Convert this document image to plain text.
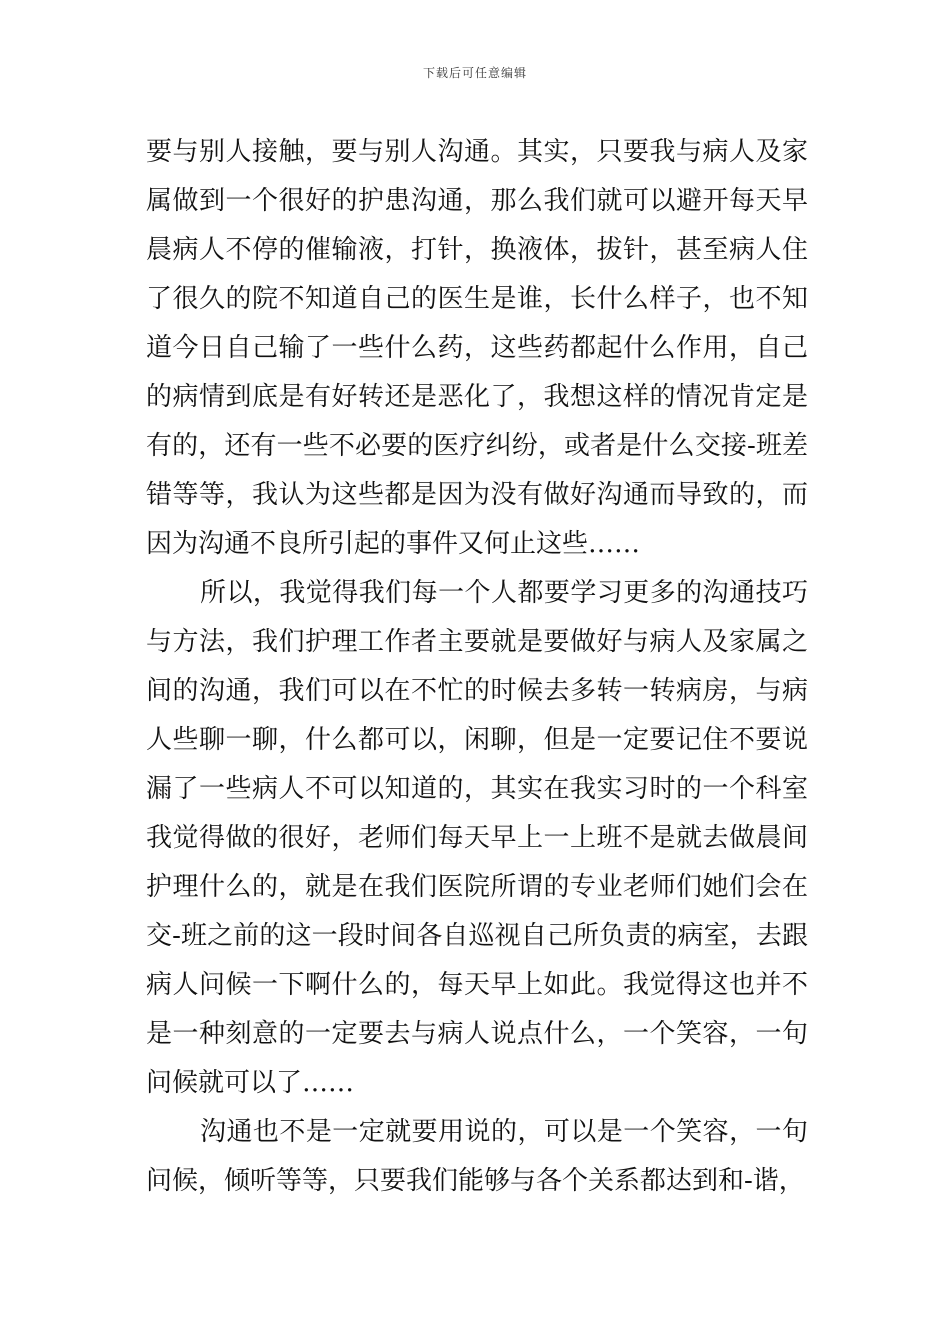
下载后可任意编辑

要与别人接触，要与别人沟通。其实，只要我与病人及家属做到一个很好的护患沟通，那么我们就可以避开每天早晨病人不停的催输液，打针，换液体，拔针，甚至病人住了很久的院不知道自己的医生是谁，长什么样子，也不知道今日自己输了一些什么药，这些药都起什么作用，自己的病情到底是有好转还是恶化了，我想这样的情况肯定是有的，还有一些不必要的医疗纠纷，或者是什么交接-班差错等等，我认为这些都是因为没有做好沟通而导致的，而因为沟通不良所引起的事件又何止这些……

所以，我觉得我们每一个人都要学习更多的沟通技巧与方法，我们护理工作者主要就是要做好与病人及家属之间的沟通，我们可以在不忙的时候去多转一转病房，与病人些聊一聊，什么都可以，闲聊，但是一定要记住不要说漏了一些病人不可以知道的，其实在我实习时的一个科室我觉得做的很好，老师们每天早上一上班不是就去做晨间护理什么的，就是在我们医院所谓的专业老师们她们会在交-班之前的这一段时间各自巡视自己所负责的病室，去跟病人问候一下啊什么的，每天早上如此。我觉得这也并不是一种刻意的一定要去与病人说点什么，一个笑容，一句问候就可以了……

沟通也不是一定就要用说的，可以是一个笑容，一句问候，倾听等等，只要我们能够与各个关系都达到和-谐，
